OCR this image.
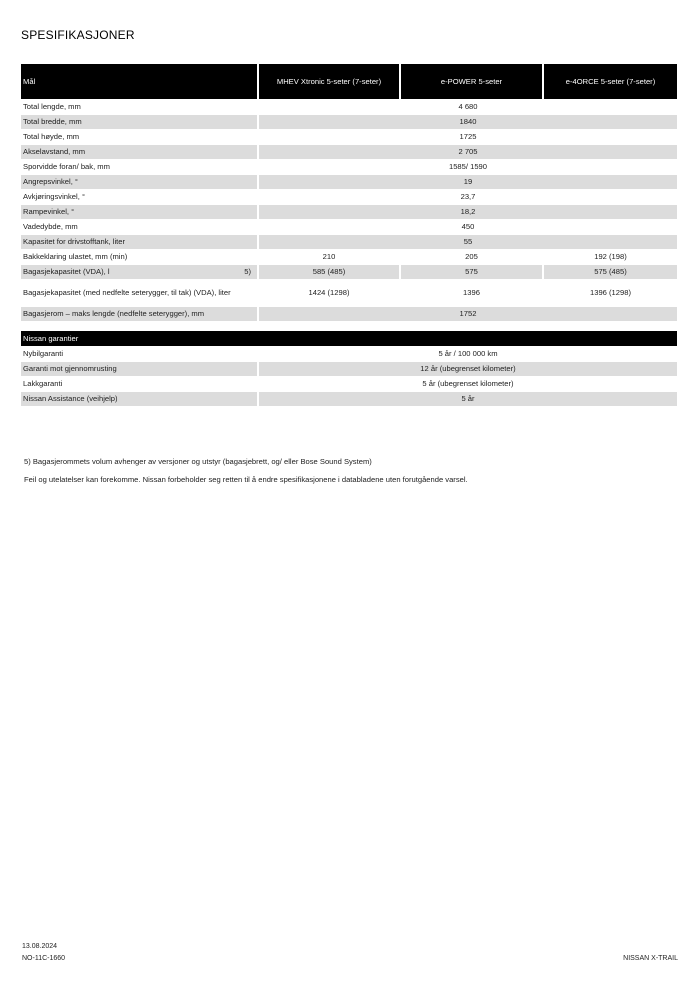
SPESIFIKASJONER
Mål	MHEV Xtronic 5-seter (7-seter)	e-POWER 5-seter	e-4ORCE 5-seter (7-seter)
Total lengde, mm	4 680		
Total bredde, mm	1840		
Total høyde, mm	1725		
Akselavstand, mm	2 705		
Sporvidde foran/ bak, mm	1585/ 1590		
Angrepsvinkel, °	19		
Avkjøringsvinkel, °	23,7		
Rampevinkel, °	18,2		
Vadedybde, mm	450		
Kapasitet for drivstofftank, liter	55		
Bakkeklaring ulastet, mm (min)	210	205	192 (198)
Bagasjekapasitet (VDA), l 5)	585 (485)	575	575 (485)
Bagasjekapasitet (med nedfelte seterygger, til tak) (VDA), liter	1424 (1298)	1396	1396 (1298)
Bagasjerom – maks lengde (nedfelte seterygger), mm	1752		

Nissan garantier			
Nybilgaranti	5 år / 100 000 km		
Garanti mot gjennomrusting	12 år (ubegrenset kilometer)		
Lakkgaranti	5 år (ubegrenset kilometer)		
Nissan Assistance (veihjelp)	5 år		

5) Bagasjerommets volum avhenger av versjoner og utstyr (bagasjebrett, og/ eller Bose Sound System)

Feil og utelatelser kan forekomme. Nissan forbeholder seg retten til å endre spesifikasjonene i databladene uten forutgående varsel.

13.08.2024
NO-11C-1660	NISSAN X-TRAIL
